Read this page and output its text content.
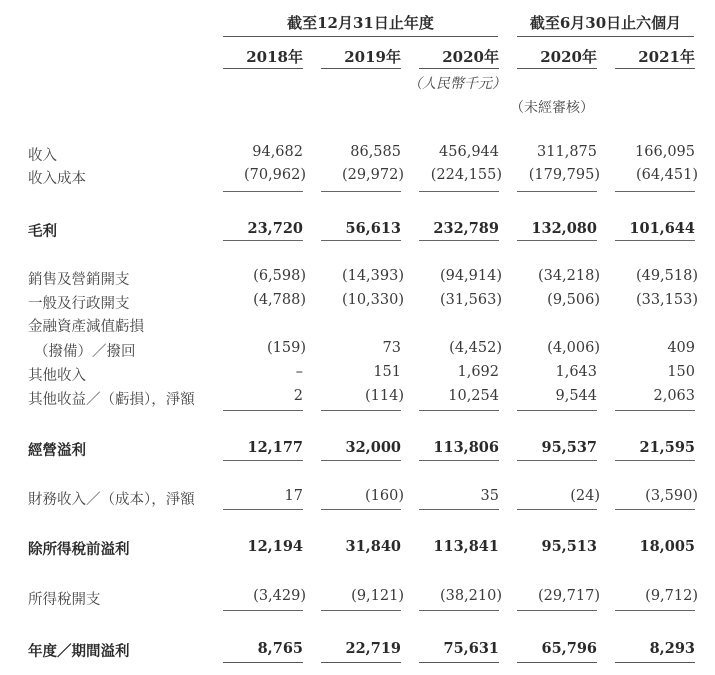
截至12月31日止年度	截至6月30日止六個月
2018年	2019年	2020年	2020年	2021年
（人民幣千元）
（未經審核）
收入	94,682	86,585	456,944	311,875	166,095
收入成本	(70,962)	(29,972)	(224,155)	(179,795)	(64,451)
毛利	23,720	56,613	232,789	132,080	101,644
銷售及營銷開支	(6,598)	(14,393)	(94,914)	(34,218)	(49,518)
一般及行政開支	(4,788)	(10,330)	(31,563)	(9,506)	(33,153)
金融資產減值虧損
（撥備）／撥回	(159)	73	(4,452)	(4,006)	409
其他收入	–	151	1,692	1,643	150
其他收益／（虧損），淨額	2	(114)	10,254	9,544	2,063
經營溢利	12,177	32,000	113,806	95,537	21,595
財務收入／（成本），淨額	17	(160)	35	(24)	(3,590)
除所得稅前溢利	12,194	31,840	113,841	95,513	18,005
所得稅開支	(3,429)	(9,121)	(38,210)	(29,717)	(9,712)
年度／期間溢利	8,765	22,719	75,631	65,796	8,293
